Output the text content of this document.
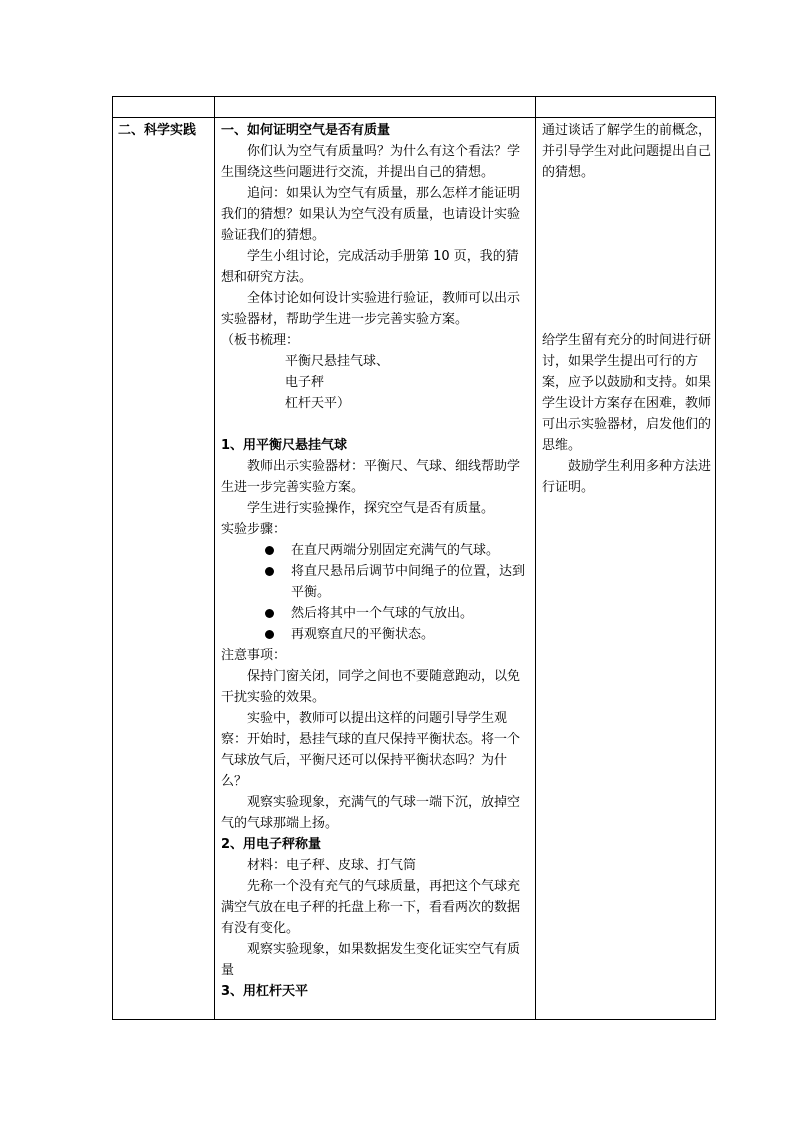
二、科学实践	一、如何证明空气是否有质量

你们认为空气有质量吗？为什么有这个看法？学生围绕这些问题进行交流，并提出自己的猜想。

追问：如果认为空气有质量，那么怎样才能证明我们的猜想？如果认为空气没有质量，也请设计实验验证我们的猜想。

学生小组讨论，完成活动手册第 10 页，我的猜想和研究方法。

全体讨论如何设计实验进行验证，教师可以出示实验器材，帮助学生进一步完善实验方案。

（板书梳理：

平衡尺悬挂气球、

电子秤

杠杆天平）

1、用平衡尺悬挂气球

教师出示实验器材：平衡尺、气球、细线帮助学生进一步完善实验方案。

学生进行实验操作，探究空气是否有质量。

实验步骤：

在直尺两端分别固定充满气的气球。
将直尺悬吊后调节中间绳子的位置，达到平衡。
然后将其中一个气球的气放出。
再观察直尺的平衡状态。

注意事项：

保持门窗关闭，同学之间也不要随意跑动，以免干扰实验的效果。

实验中，教师可以提出这样的问题引导学生观察：开始时，悬挂气球的直尺保持平衡状态。将一个气球放气后，平衡尺还可以保持平衡状态吗？为什么？

观察实验现象，充满气的气球一端下沉，放掉空气的气球那端上扬。

2、用电子秤称量

材料：电子秤、皮球、打气筒

先称一个没有充气的气球质量，再把这个气球充满空气放在电子秤的托盘上称一下，看看两次的数据有没有变化。

观察实验现象，如果数据发生变化证实空气有质量

3、用杠杆天平

通过谈话了解学生的前概念，并引导学生对此问题提出自己的猜想。

给学生留有充分的时间进行研讨，如果学生提出可行的方案，应予以鼓励和支持。如果学生设计方案存在困难，教师可出示实验器材，启发他们的思维。

鼓励学生利用多种方法进行证明。
